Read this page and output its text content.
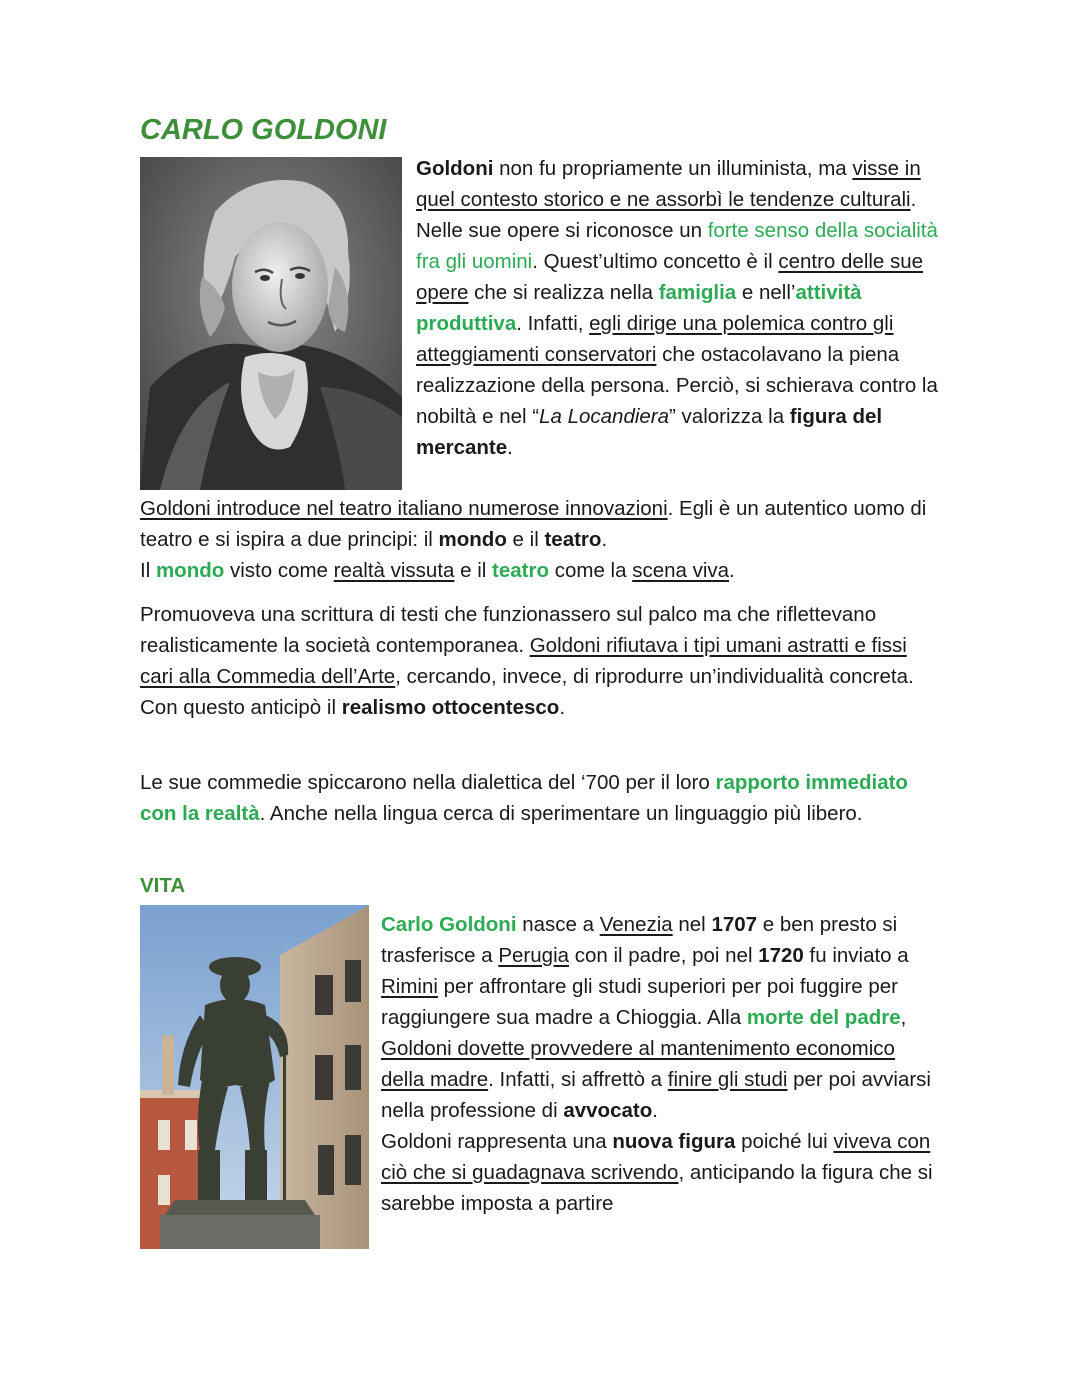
CARLO GOLDONI

Goldoni non fu propriamente un illuminista, ma visse in quel contesto storico e ne assorbì le tendenze culturali. Nelle sue opere si riconosce un forte senso della socialità fra gli uomini. Quest’ultimo concetto è il centro delle sue opere che si realizza nella famiglia e nell’attività produttiva. Infatti, egli dirige una polemica contro gli atteggiamenti conservatori che ostacolavano la piena realizzazione della persona. Perciò, si schierava contro la nobiltà e nel “La Locandiera” valorizza la figura del mercante.

Goldoni introduce nel teatro italiano numerose innovazioni. Egli è un autentico uomo di teatro e si ispira a due principi: il mondo e il teatro.
Il mondo visto come realtà vissuta e il teatro come la scena viva.

Promuoveva una scrittura di testi che funzionassero sul palco ma che riflettevano realisticamente la società contemporanea. Goldoni rifiutava i tipi umani astratti e fissi cari alla Commedia dell’Arte, cercando, invece, di riprodurre un’individualità concreta. Con questo anticipò il realismo ottocentesco.

Le sue commedie spiccarono nella dialettica del ‘700 per il loro rapporto immediato con la realtà. Anche nella lingua cerca di sperimentare un linguaggio più libero.

VITA

Carlo Goldoni nasce a Venezia nel 1707 e ben presto si trasferisce a Perugia con il padre, poi nel 1720 fu inviato a Rimini per affrontare gli studi superiori per poi fuggire per raggiungere sua madre a Chioggia. Alla morte del padre, Goldoni dovette provvedere al mantenimento economico della madre. Infatti, si affrettò a finire gli studi per poi avviarsi nella professione di avvocato.
Goldoni rappresenta una nuova figura poiché lui viveva con ciò che si guadagnava scrivendo, anticipando la figura che si sarebbe imposta a partire
